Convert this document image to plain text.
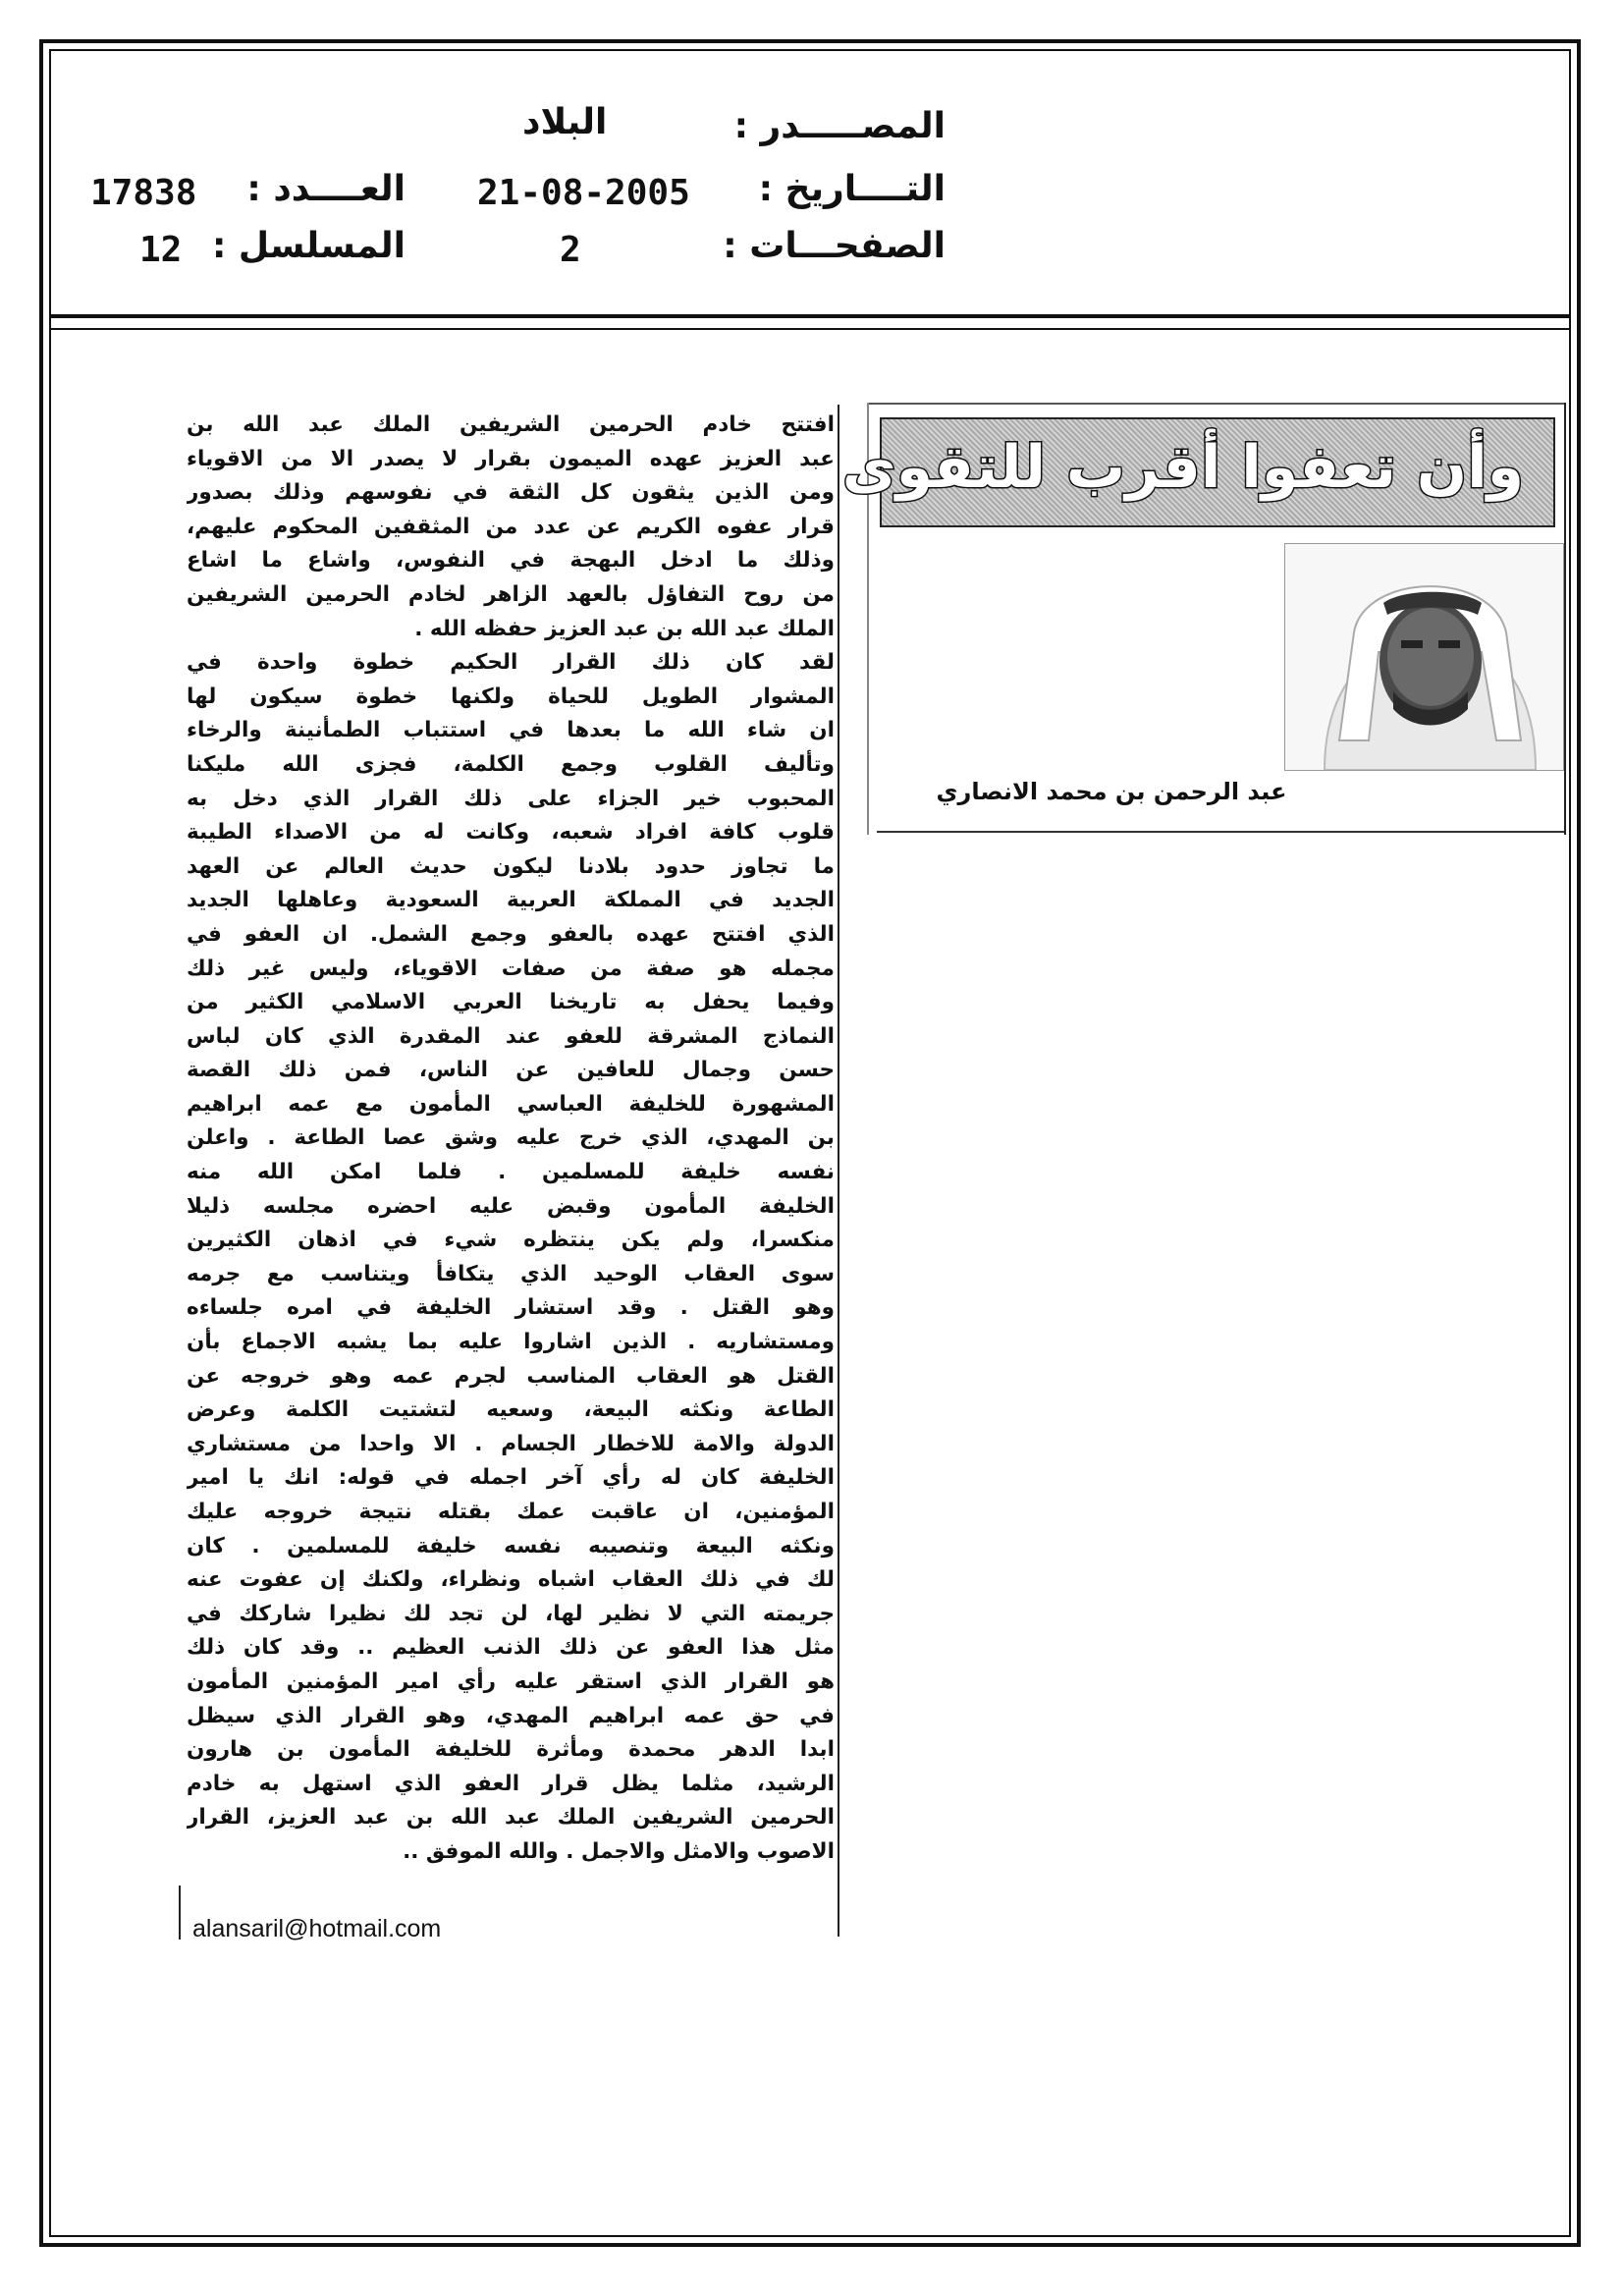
المصـــــدر :
البلاد
التــــاريخ :
21-08-2005
العــــدد :
17838
الصفحـــات :
2
المسلسل :
12
وأن تعفوا أقرب للتقوى
عبد الرحمن بن محمد الانصاري
افتتح خادم الحرمين الشريفين الملك عبد الله بن
عبد العزيز عهده الميمون بقرار لا يصدر الا من الاقوياء
ومن الذين يثقون كل الثقة في نفوسهم وذلك بصدور
قرار عفوه الكريم عن عدد من المثقفين المحكوم عليهم،
وذلك ما ادخل البهجة في النفوس، واشاع ما اشاع
من روح التفاؤل بالعهد الزاهر لخادم الحرمين الشريفين
الملك عبد الله بن عبد العزيز حفظه الله .
لقد كان ذلك القرار الحكيم خطوة واحدة في
المشوار الطويل للحياة ولكنها خطوة سيكون لها
ان شاء الله ما بعدها في استتباب الطمأنينة والرخاء
وتأليف القلوب وجمع الكلمة، فجزى الله مليكنا
المحبوب خير الجزاء على ذلك القرار الذي دخل به
قلوب كافة افراد شعبه، وكانت له من الاصداء الطيبة
ما تجاوز حدود بلادنا ليكون حديث العالم عن العهد
الجديد في المملكة العربية السعودية وعاهلها الجديد
الذي افتتح عهده بالعفو وجمع الشمل. ان العفو في
مجمله هو صفة من صفات الاقوياء، وليس غير ذلك
وفيما يحفل به تاريخنا العربي الاسلامي الكثير من
النماذج المشرقة للعفو عند المقدرة الذي كان لباس
حسن وجمال للعافين عن الناس، فمن ذلك القصة
المشهورة للخليفة العباسي المأمون مع عمه ابراهيم
بن المهدي، الذي خرج عليه وشق عصا الطاعة . واعلن
نفسه خليفة للمسلمين . فلما امكن الله منه
الخليفة المأمون وقبض عليه احضره مجلسه ذليلا
منكسرا، ولم يكن ينتظره شيء في اذهان الكثيرين
سوى العقاب الوحيد الذي يتكافأ ويتناسب مع جرمه
وهو القتل . وقد استشار الخليفة في امره جلساءه
ومستشاريه . الذين اشاروا عليه بما يشبه الاجماع بأن
القتل هو العقاب المناسب لجرم عمه وهو خروجه عن
الطاعة ونكثه البيعة، وسعيه لتشتيت الكلمة وعرض
الدولة والامة للاخطار الجسام . الا واحدا من مستشاري
الخليفة كان له رأي آخر اجمله في قوله: انك يا امير
المؤمنين، ان عاقبت عمك بقتله نتيجة خروجه عليك
ونكثه البيعة وتنصيبه نفسه خليفة للمسلمين . كان
لك في ذلك العقاب اشباه ونظراء، ولكنك إن عفوت عنه
جريمته التي لا نظير لها، لن تجد لك نظيرا شاركك في
مثل هذا العفو عن ذلك الذنب العظيم .. وقد كان ذلك
هو القرار الذي استقر عليه رأي امير المؤمنين المأمون
في حق عمه ابراهيم المهدي، وهو القرار الذي سيظل
ابدا الدهر محمدة ومأثرة للخليفة المأمون بن هارون
الرشيد، مثلما يظل قرار العفو الذي استهل به خادم
الحرمين الشريفين الملك عبد الله بن عبد العزيز، القرار
الاصوب والامثل والاجمل . والله الموفق ..
alansaril@hotmail.com
